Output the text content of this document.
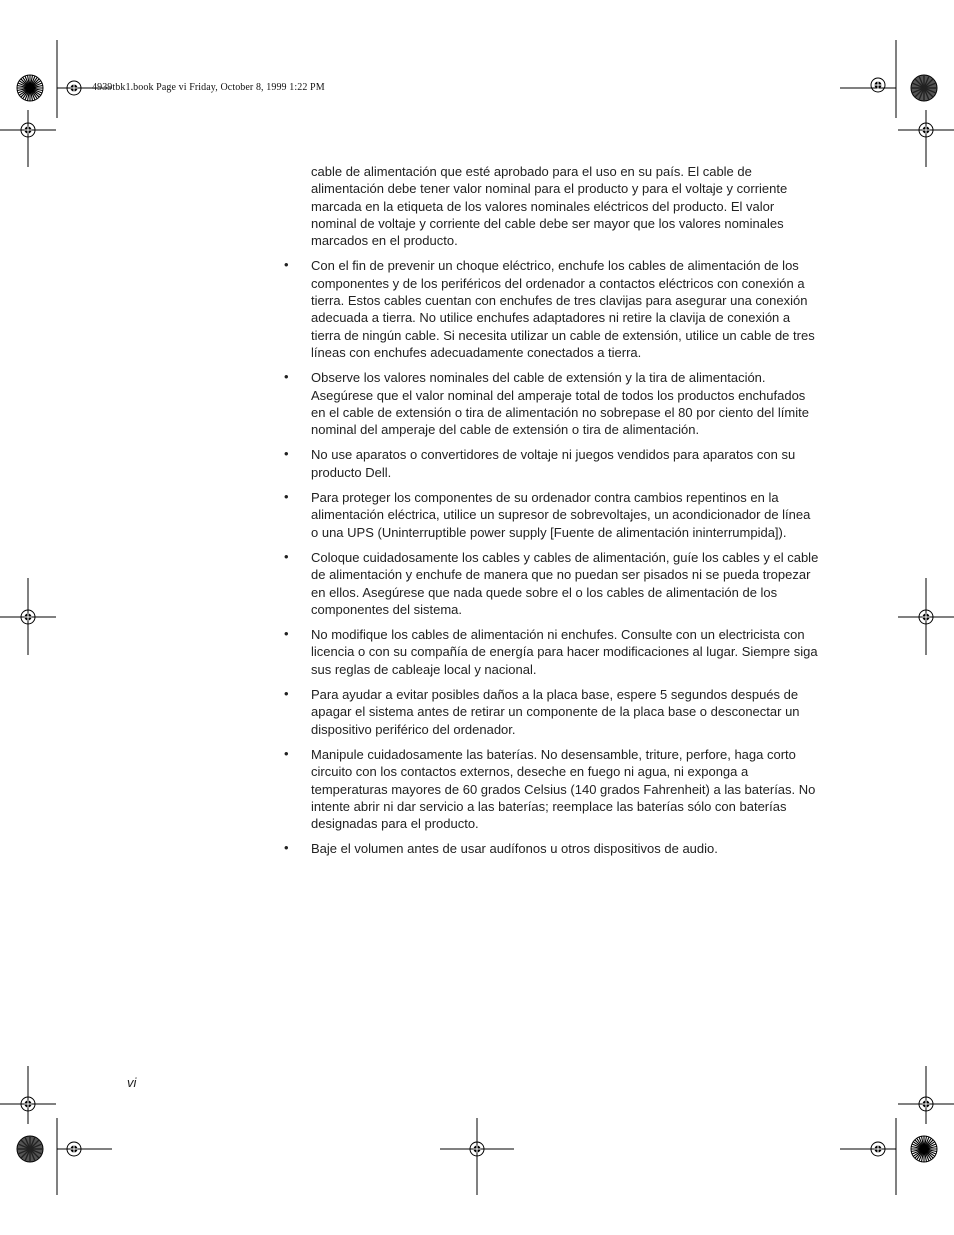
4939tbk1.book Page vi Friday, October 8, 1999 1:22 PM

cable de alimentación que esté aprobado para el uso en su país. El cable de alimentación debe tener valor nominal para el producto y para el voltaje y corriente marcada en la etiqueta de los valores nominales eléctricos del producto. El valor nominal de voltaje y corriente del cable debe ser mayor que los valores nominales marcados en el producto.

• Con el fin de prevenir un choque eléctrico, enchufe los cables de alimentación de los componentes y de los periféricos del ordenador a contactos eléctricos con conexión a tierra. Estos cables cuentan con enchufes de tres clavijas para asegurar una conexión adecuada a tierra. No utilice enchufes adaptadores ni retire la clavija de conexión a tierra de ningún cable. Si necesita utilizar un cable de extensión, utilice un cable de tres líneas con enchufes adecuadamente conectados a tierra.
• Observe los valores nominales del cable de extensión y la tira de alimentación. Asegúrese que el valor nominal del amperaje total de todos los productos enchufados en el cable de extensión o tira de alimentación no sobrepase el 80 por ciento del límite nominal del amperaje del cable de extensión o tira de alimentación.
• No use aparatos o convertidores de voltaje ni juegos vendidos para aparatos con su producto Dell.
• Para proteger los componentes de su ordenador contra cambios repentinos en la alimentación eléctrica, utilice un supresor de sobrevoltajes, un acondicionador de línea o una UPS (Uninterruptible power supply [Fuente de alimentación ininterrumpida]).
• Coloque cuidadosamente los cables y cables de alimentación, guíe los cables y el cable de alimentación y enchufe de manera que no puedan ser pisados ni se pueda tropezar en ellos. Asegúrese que nada quede sobre el o los cables de alimentación de los componentes del sistema.
• No modifique los cables de alimentación ni enchufes. Consulte con un electricista con licencia o con su compañía de energía para hacer modificaciones al lugar. Siempre siga sus reglas de cableaje local y nacional.
• Para ayudar a evitar posibles daños a la placa base, espere 5 segundos después de apagar el sistema antes de retirar un componente de la placa base o desconectar un dispositivo periférico del ordenador.
• Manipule cuidadosamente las baterías. No desensamble, triture, perfore, haga corto circuito con los contactos externos, deseche en fuego ni agua, ni exponga a temperaturas mayores de 60 grados Celsius (140 grados Fahrenheit) a las baterías. No intente abrir ni dar servicio a las baterías; reemplace las baterías sólo con baterías designadas para el producto.
• Baje el volumen antes de usar audífonos u otros dispositivos de audio.
vi
